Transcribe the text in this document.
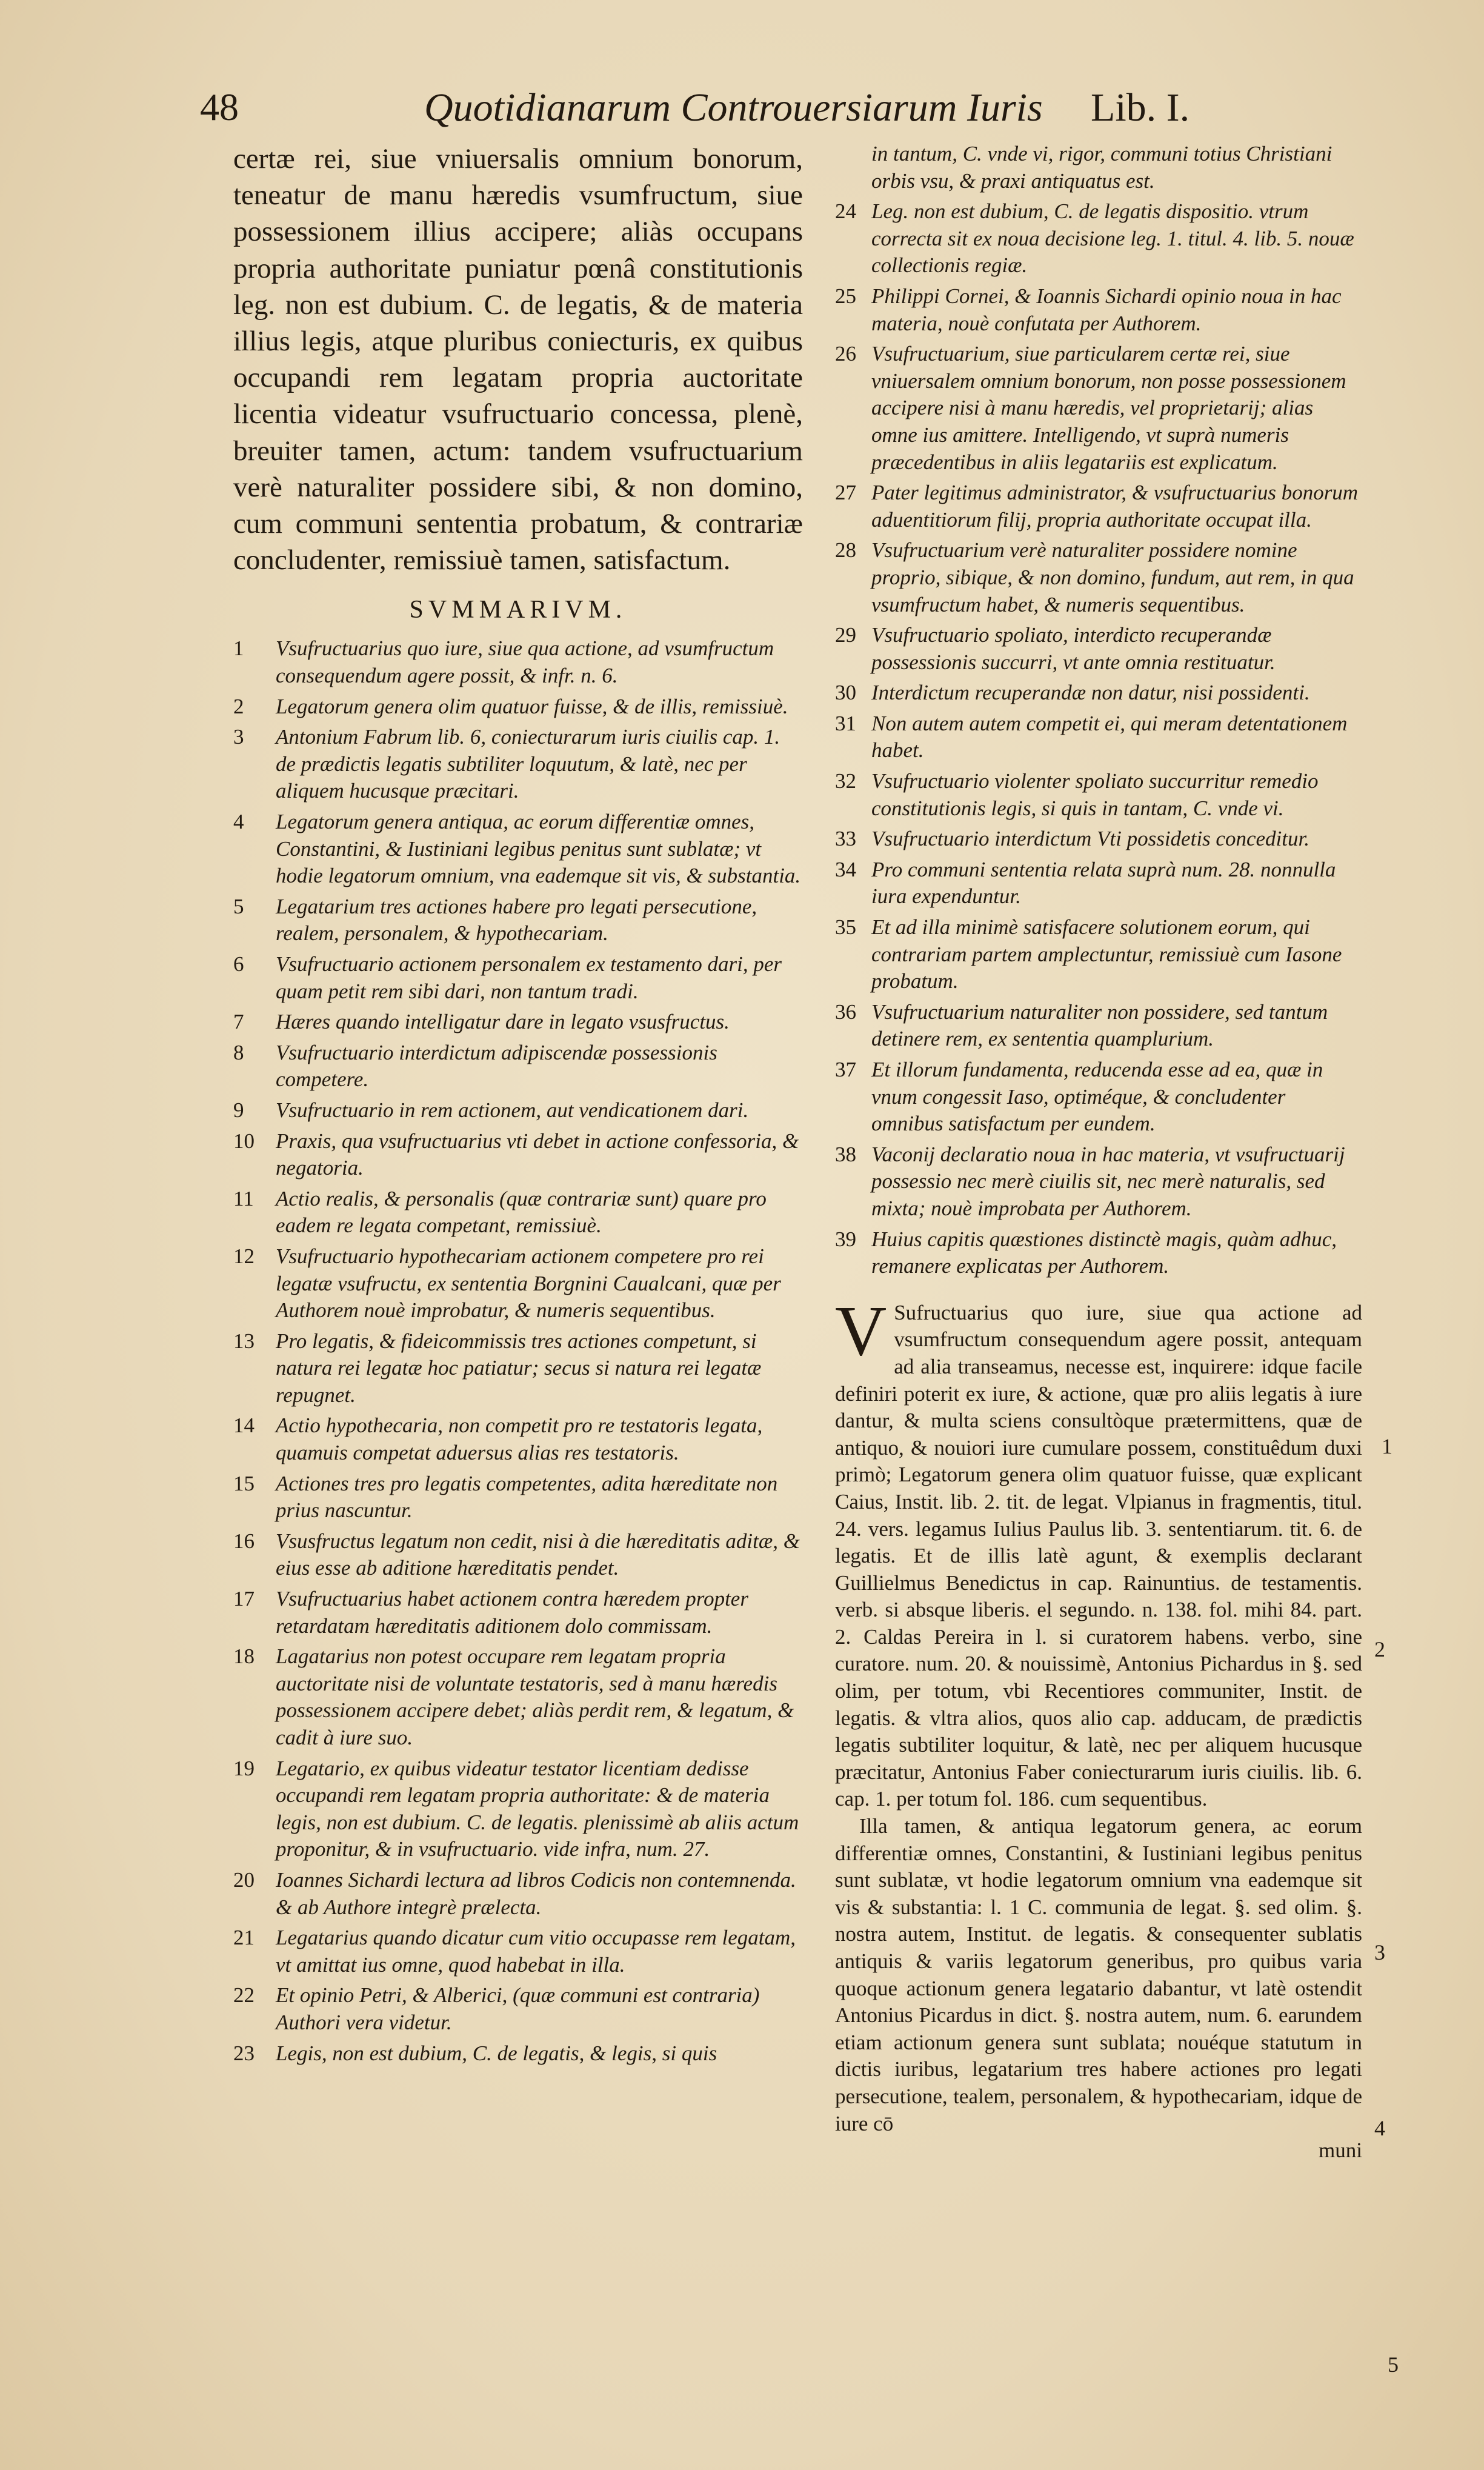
48	Quotidianarum Controuersiarum Iuris Lib. I.

certæ rei, siue vniuersalis omnium bonorum, teneatur de manu hæredis vsumfructum, siue possessionem illius accipere; aliàs occupans propria authoritate puniatur pœnâ constitutionis leg. non est dubium. C. de legatis, & de materia illius legis, atque pluribus coniecturis, ex quibus occupandi rem legatam propria auctoritate licentia videatur vsufructuario concessa, plenè, breuiter tamen, actum: tandem vsufructuarium verè naturaliter possidere sibi, & non domino, cum communi sententia probatum, & contrariæ concludenter, remissiuè tamen, satisfactum.

SVMMARIVM.
1	Vsufructuarius quo iure, siue qua actione, ad vsumfructum consequendum agere possit, & infr. n. 6.
2	Legatorum genera olim quatuor fuisse, & de illis, remissiuè.
3	Antonium Fabrum lib. 6, coniecturarum iuris ciuilis cap. 1. de prædictis legatis subtiliter loquutum, & latè, nec per aliquem hucusque præcitari.
4	Legatorum genera antiqua, ac eorum differentiæ omnes, Constantini, & Iustiniani legibus penitus sunt sublatæ; vt hodie legatorum omnium, vna eademque sit vis, & substantia.
5	Legatarium tres actiones habere pro legati persecutione, realem, personalem, & hypothecariam.
6	Vsufructuario actionem personalem ex testamento dari, per quam petit rem sibi dari, non tantum tradi.
7	Hæres quando intelligatur dare in legato vsusfructus.
8	Vsufructuario interdictum adipiscendæ possessionis competere.
9	Vsufructuario in rem actionem, aut vendicationem dari.
10	Praxis, qua vsufructuarius vti debet in actione confessoria, & negatoria.
11	Actio realis, & personalis (quæ contrariæ sunt) quare pro eadem re legata competant, remissiuè.
12	Vsufructuario hypothecariam actionem competere pro rei legatæ vsufructu, ex sententia Borgnini Caualcani, quæ per Authorem nouè improbatur, & numeris sequentibus.
13	Pro legatis, & fideicommissis tres actiones competunt, si natura rei legatæ hoc patiatur; secus si natura rei legatæ repugnet.
14	Actio hypothecaria, non competit pro re testatoris legata, quamuis competat aduersus alias res testatoris.
15	Actiones tres pro legatis competentes, adita hæreditate non prius nascuntur.
16	Vsusfructus legatum non cedit, nisi à die hæreditatis aditæ, & eius esse ab aditione hæreditatis pendet.
17	Vsufructuarius habet actionem contra hæredem propter retardatam hæreditatis aditionem dolo commissam.
18	Lagatarius non potest occupare rem legatam propria auctoritate nisi de voluntate testatoris, sed à manu hæredis possessionem accipere debet; aliàs perdit rem, & legatum, & cadit à iure suo.
19	Legatario, ex quibus videatur testator licentiam dedisse occupandi rem legatam propria authoritate: & de materia legis, non est dubium. C. de legatis. plenissimè ab aliis actum proponitur, & in vsufructuario. vide infra, num. 27.
20	Ioannes Sichardi lectura ad libros Codicis non contemnenda. & ab Authore integrè prælecta.
21	Legatarius quando dicatur cum vitio occupasse rem legatam, vt amittat ius omne, quod habebat in illa.
22	Et opinio Petri, & Alberici, (quæ communi est contraria) Authori vera videtur.
23	Legis, non est dubium, C. de legatis, & legis, si quis
in tantum, C. vnde vi, rigor, communi totius Christiani orbis vsu, & praxi antiquatus est.
24 Leg. non est dubium, C. de legatis dispositio. vtrum correcta sit ex noua decisione leg. 1. titul. 4. lib. 5. nouæ collectionis regiæ.
25 Philippi Cornei, & Ioannis Sichardi opinio noua in hac materia, nouè confutata per Authorem.
26 Vsufructuarium, siue particularem certæ rei, siue vniuersalem omnium bonorum, non posse possessionem accipere nisi à manu hæredis, vel proprietarij; alias omne ius amittere. Intelligendo, vt suprà numeris præcedentibus in aliis legatariis est explicatum.
27 Pater legitimus administrator, & vsufructuarius bonorum aduentitiorum filij, propria authoritate occupat illa.
28 Vsufructuarium verè naturaliter possidere nomine proprio, sibique, & non domino, fundum, aut rem, in qua vsumfructum habet, & numeris sequentibus.
29 Vsufructuario spoliato, interdicto recuperandæ possessionis succurri, vt ante omnia restituatur.
30 Interdictum recuperandæ non datur, nisi possidenti.
31 Non autem autem competit ei, qui meram detentationem habet.
32 Vsufructuario violenter spoliato succurritur remedio constitutionis legis, si quis in tantam, C. vnde vi.
33 Vsufructuario interdictum Vti possidetis conceditur.
34 Pro communi sententia relata suprà num. 28. nonnulla iura expenduntur.
35 Et ad illa minimè satisfacere solutionem eorum, qui contrariam partem amplectuntur, remissiuè cum Iasone probatum.
36 Vsufructuarium naturaliter non possidere, sed tantum detinere rem, ex sententia quamplurium.
37 Et illorum fundamenta, reducenda esse ad ea, quæ in vnum congessit Iaso, optiméque, & concludenter omnibus satisfactum per eundem.
38 Vaconij declaratio noua in hac materia, vt vsufructuarij possessio nec merè ciuilis sit, nec merè naturalis, sed mixta; nouè improbata per Authorem.
39 Huius capitis quæstiones distinctè magis, quàm adhuc, remanere explicatas per Authorem.

V Sufructuarius quo iure, siue qua actione ad vsumfructum consequendum agere possit, antequam ad alia transeamus, necesse est, inquirere: idque facile definiri poterit ex iure, & actione, quæ pro aliis legatis à iure dantur, & multa sciens consultòque prætermittens, quæ de antiquo, & nouiori iure cumulare possem, constituêdum duxi primò; Legatorum genera olim quatuor fuisse, quæ explicant Caius, Instit. lib. 2. tit. de legat. Vlpianus in fragmentis, titul. 24. vers. legamus Iulius Paulus lib. 3. sententiarum. tit. 6. de legatis. Et de illis latè agunt, & exemplis declarant Guillielmus Benedictus in cap. Rainuntius. de testamentis. verb. si absque liberis. el segundo. n. 138. fol. mihi 84. part. 2. Caldas Pereira in l. si curatorem habens. verbo, sine curatore. num. 20. & nouissimè, Antonius Pichardus in §. sed olim, per totum, vbi Recentiores communiter, Instit. de legatis. & vltra alios, quos alio cap. adducam, de prædictis legatis subtiliter loquitur, & latè, nec per aliquem hucusque præcitatur, Antonius Faber coniecturarum iuris ciuilis. lib. 6. cap. 1. per totum fol. 186. cum sequentibus.

Illa tamen, & antiqua legatorum genera, ac eorum differentiæ omnes, Constantini, & Iustiniani legibus penitus sunt sublatæ, vt hodie legatorum omnium vna eademque sit vis & substantia: l. 1 C. communia de legat. §. sed olim. §. nostra autem, Institut. de legatis. & consequenter sublatis antiquis & variis legatorum generibus, pro quibus varia quoque actionum genera legatario dabantur, vt latè ostendit Antonius Picardus in dict. §. nostra autem, num. 6. earundem etiam actionum genera sunt sublata; nouéque statutum in dictis iuribus, legatarium tres habere actiones pro legati persecutione, tealem, personalem, & hypothecariam, idque de iure cō

muni

1
2
3
4
5
